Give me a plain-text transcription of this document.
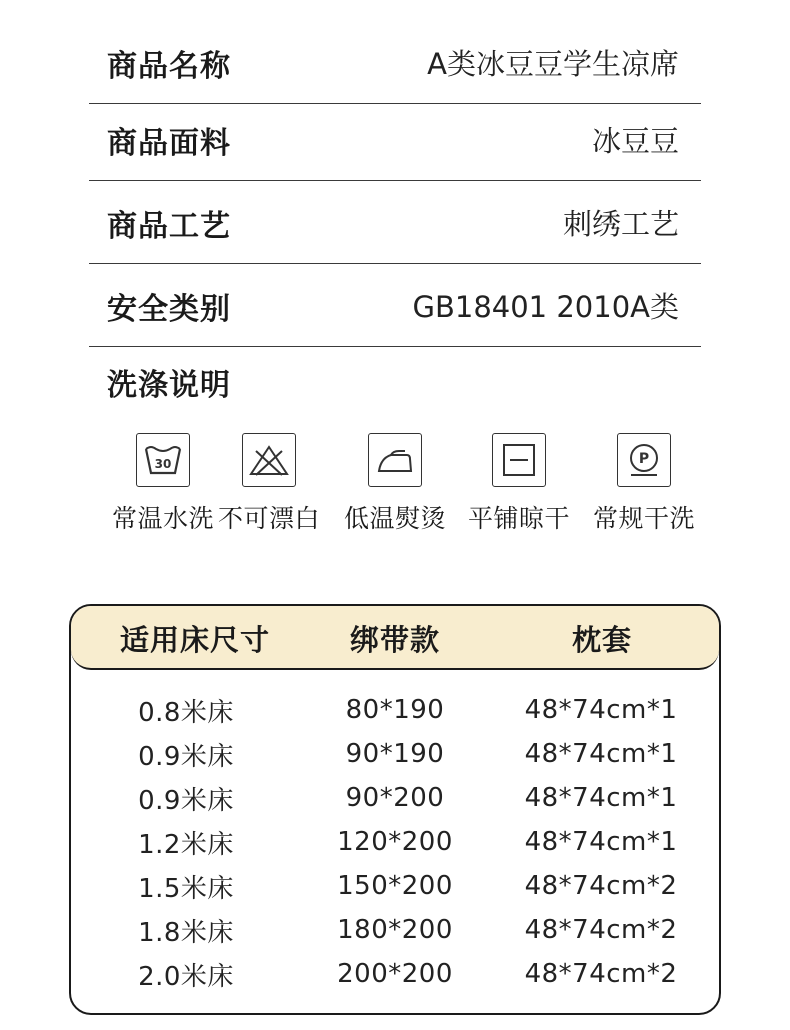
商品名称	A类冰豆豆学生凉席
商品面料	冰豆豆
商品工艺	刺绣工艺
安全类别	GB18401 2010A类
洗涤说明
30
常温水洗 不可漂白 低温熨烫 平铺晾干
P
常规干洗
适用床尺寸	绑带款	枕套
0.8米床	80*190	48*74cm*1
0.9米床	90*190	48*74cm*1
0.9米床	90*200	48*74cm*1
1.2米床	120*200	48*74cm*1
1.5米床	150*200	48*74cm*2
1.8米床	180*200	48*74cm*2
2.0米床	200*200	48*74cm*2
